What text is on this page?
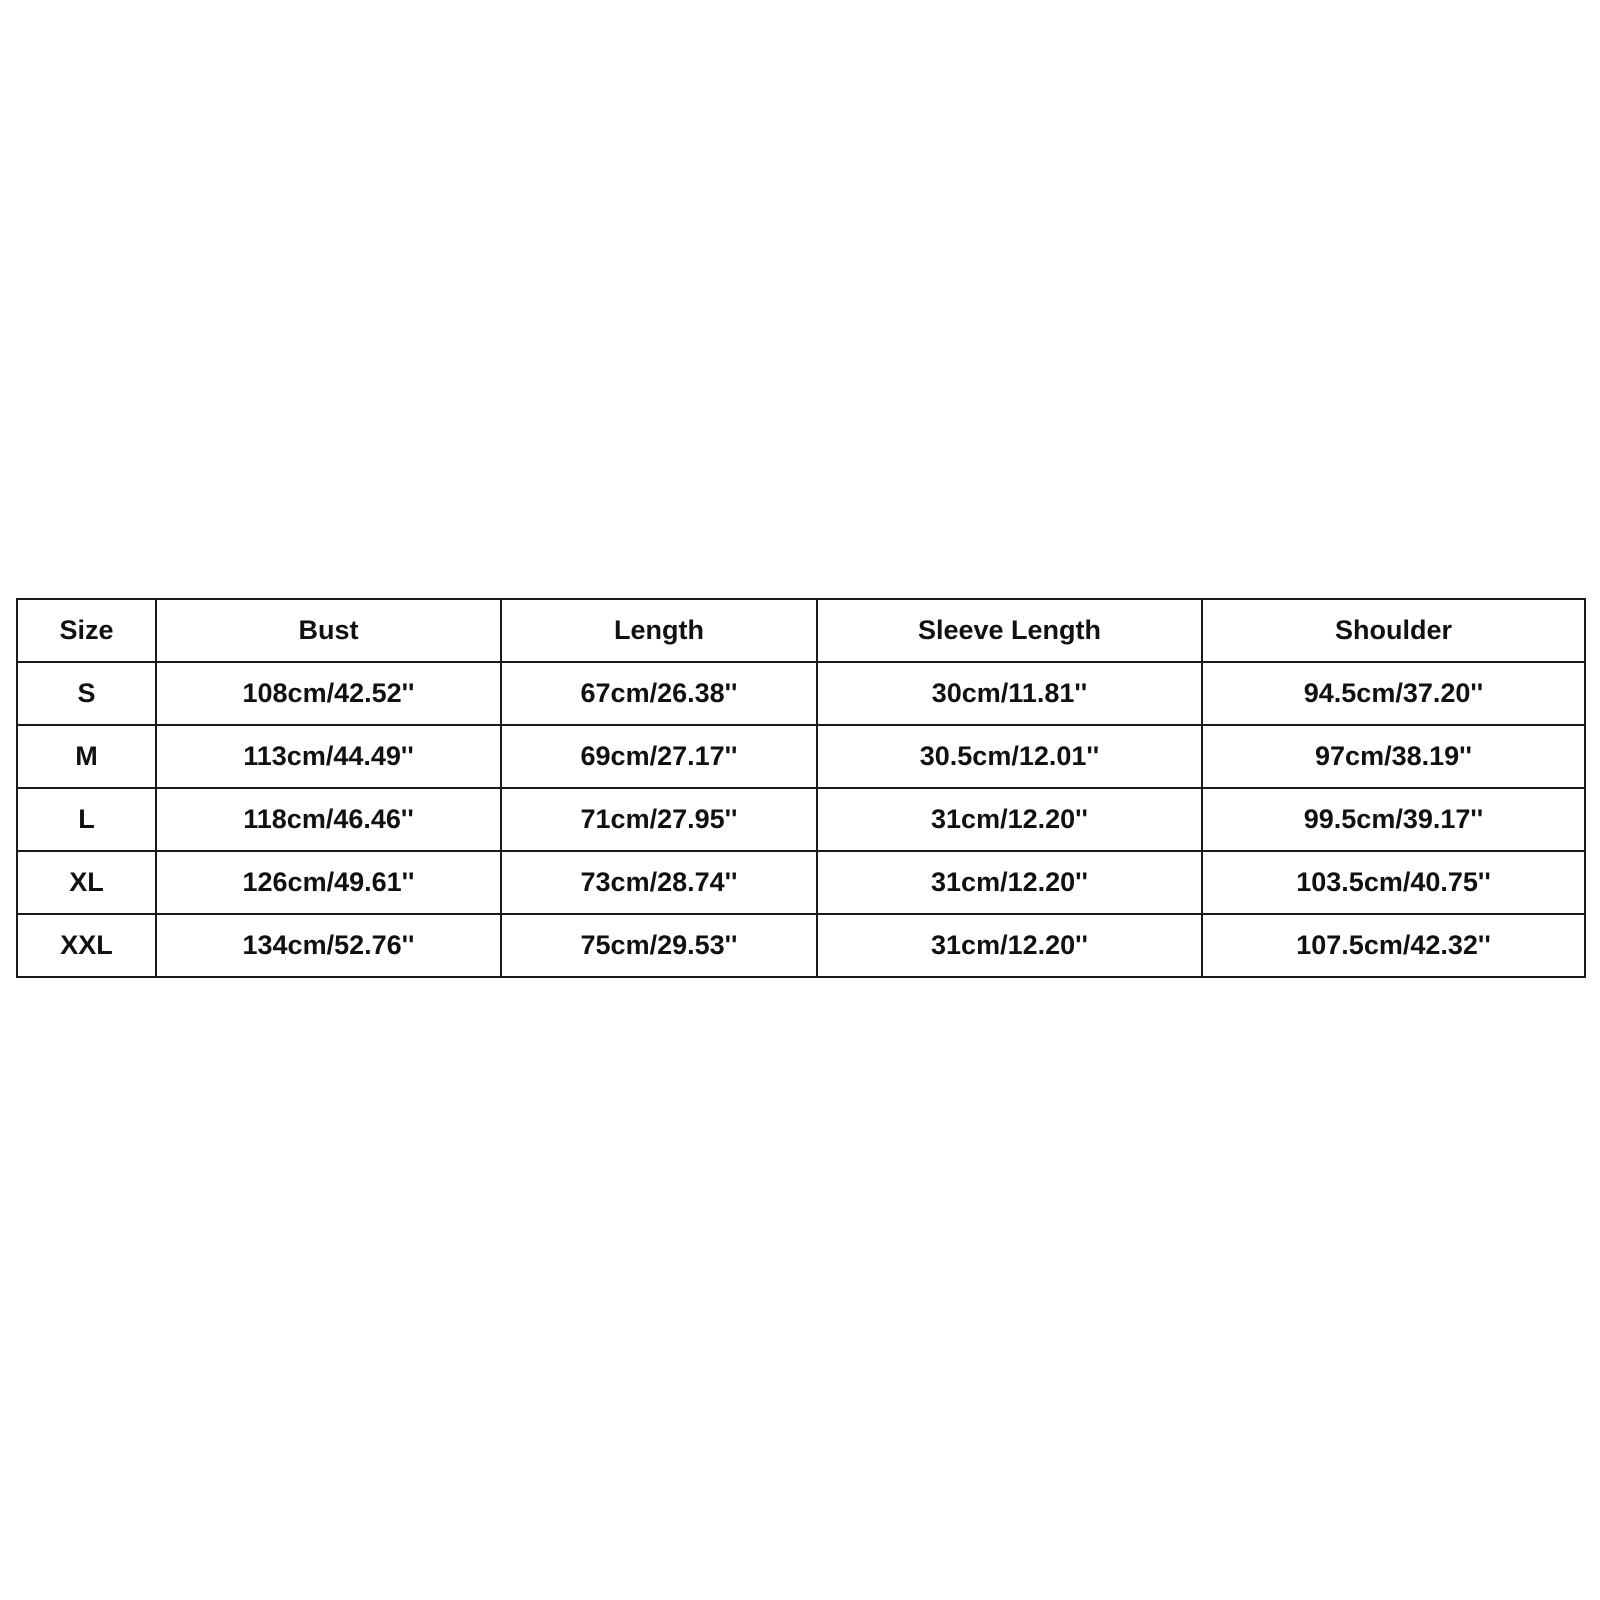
Size	Bust	Length	Sleeve Length	Shoulder
S	108cm/42.52''	67cm/26.38''	30cm/11.81''	94.5cm/37.20''
M	113cm/44.49''	69cm/27.17''	30.5cm/12.01''	97cm/38.19''
L	118cm/46.46''	71cm/27.95''	31cm/12.20''	99.5cm/39.17''
XL	126cm/49.61''	73cm/28.74''	31cm/12.20''	103.5cm/40.75''
XXL	134cm/52.76''	75cm/29.53''	31cm/12.20''	107.5cm/42.32''
